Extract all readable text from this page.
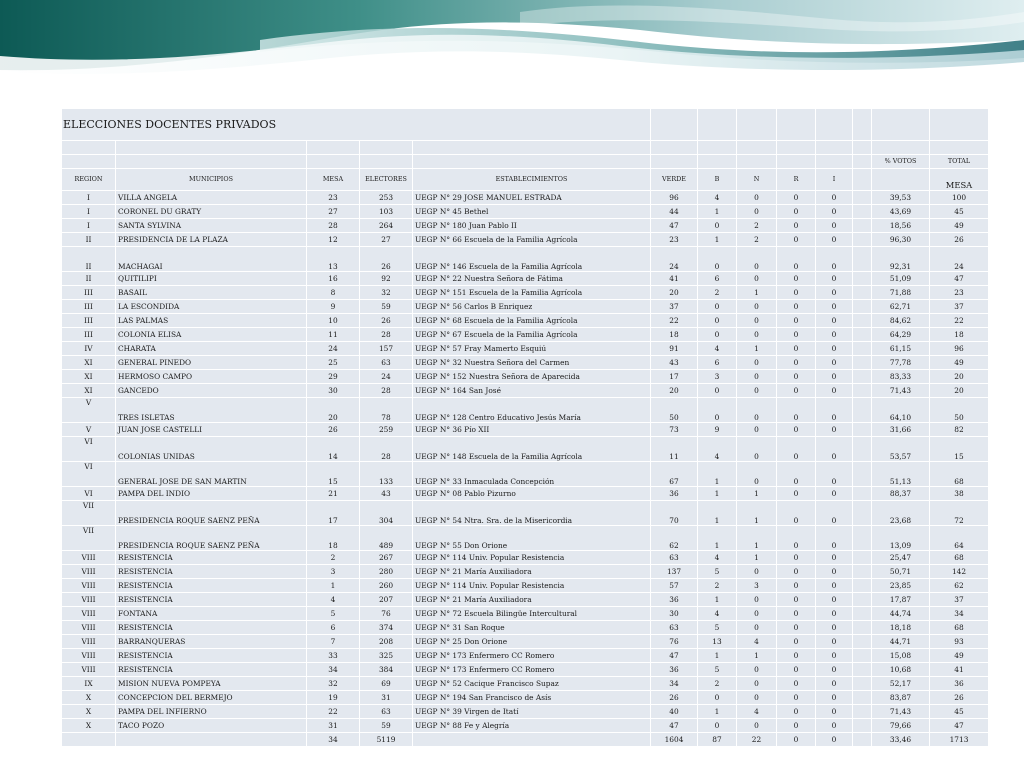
ELECCIONES DOCENTES PRIVADOS												

											% VOTOS	TOTAL
REGION	MUNICIPIOS	MESA	ELECTORES	ESTABLECIMIENTOS	VERDE	B	N	R	I			MESA
I	VILLA ANGELA	23	253	UEGP N° 29 JOSE MANUEL ESTRADA	96	4	0	0	0		39,53	100
I	CORONEL DU GRATY	27	103	UEGP N° 45 Bethel	44	1	0	0	0		43,69	45
I	SANTA SYLVINA	28	264	UEGP N° 180 Juan Pablo II	47	0	2	0	0		18,56	49
II	PRESIDENCIA DE LA PLAZA	12	27	UEGP N° 66 Escuela de la Familia Agrícola	23	1	2	0	0		96,30	26
II	MACHAGAI	13	26	UEGP N° 146 Escuela de la Familia Agrícola	24	0	0	0	0		92,31	24
II	QUITILIPI	16	92	UEGP N° 22 Nuestra Señora de Fátima	41	6	0	0	0		51,09	47
III	BASAIL	8	32	UEGP N° 151 Escuela de la Familia Agrícola	20	2	1	0	0		71,88	23
III	LA ESCONDIDA	9	59	UEGP N° 56 Carlos B Enriquez	37	0	0	0	0		62,71	37
III	LAS PALMAS	10	26	UEGP N° 68 Escuela de la Familia Agrícola	22	0	0	0	0		84,62	22
III	COLONIA ELISA	11	28	UEGP N° 67 Escuela de la Familia Agrícola	18	0	0	0	0		64,29	18
IV	CHARATA	24	157	UEGP N° 57 Fray Mamerto Esquiú	91	4	1	0	0		61,15	96
XI	GENERAL PINEDO	25	63	UEGP N° 32 Nuestra Señora del Carmen	43	6	0	0	0		77,78	49
XI	HERMOSO CAMPO	29	24	UEGP N° 152 Nuestra Señora de Aparecida	17	3	0	0	0		83,33	20
XI	GANCEDO	30	28	UEGP N° 164 San José	20	0	0	0	0		71,43	20
V	TRES ISLETAS	20	78	UEGP N° 128 Centro Educativo Jesús María	50	0	0	0	0		64,10	50
V	JUAN JOSE CASTELLI	26	259	UEGP N° 36 Pío XII	73	9	0	0	0		31,66	82
VI	COLONIAS UNIDAS	14	28	UEGP N° 148 Escuela de la Familia Agrícola	11	4	0	0	0		53,57	15
VI	GENERAL JOSE DE SAN MARTIN	15	133	UEGP N° 33 Inmaculada Concepción	67	1	0	0	0		51,13	68
VI	PAMPA DEL INDIO	21	43	UEGP N° 08 Pablo Pizurno	36	1	1	0	0		88,37	38
VII	PRESIDENCIA ROQUE SAENZ PEÑA	17	304	UEGP N° 54 Ntra. Sra. de la Misericordia	70	1	1	0	0		23,68	72
VII	PRESIDENCIA ROQUE SAENZ PEÑA	18	489	UEGP N° 55 Don Orione	62	1	1	0	0		13,09	64
VIII	RESISTENCIA	2	267	UEGP N° 114 Univ. Popular Resistencia	63	4	1	0	0		25,47	68
VIII	RESISTENCIA	3	280	UEGP N° 21 María Auxiliadora	137	5	0	0	0		50,71	142
VIII	RESISTENCIA	1	260	UEGP N° 114 Univ. Popular Resistencia	57	2	3	0	0		23,85	62
VIII	RESISTENCIA	4	207	UEGP N° 21 María Auxiliadora	36	1	0	0	0		17,87	37
VIII	FONTANA	5	76	UEGP N° 72 Escuela Bilingüe Intercultural	30	4	0	0	0		44,74	34
VIII	RESISTENCIA	6	374	UEGP N° 31 San Roque	63	5	0	0	0		18,18	68
VIII	BARRANQUERAS	7	208	UEGP N° 25 Don Orione	76	13	4	0	0		44,71	93
VIII	RESISTENCIA	33	325	UEGP N° 173 Enfermero CC Romero	47	1	1	0	0		15,08	49
VIII	RESISTENCIA	34	384	UEGP N° 173 Enfermero CC Romero	36	5	0	0	0		10,68	41
IX	MISION NUEVA POMPEYA	32	69	UEGP N° 52 Cacique Francisco Supaz	34	2	0	0	0		52,17	36
X	CONCEPCION DEL BERMEJO	19	31	UEGP N° 194 San Francisco de Asís	26	0	0	0	0		83,87	26
X	PAMPA DEL INFIERNO	22	63	UEGP N° 39 Virgen de Itatí	40	1	4	0	0		71,43	45
X	TACO POZO	31	59	UEGP N° 88 Fe y Alegría	47	0	0	0	0		79,66	47
		34	5119		1604	87	22	0	0		33,46	1713
